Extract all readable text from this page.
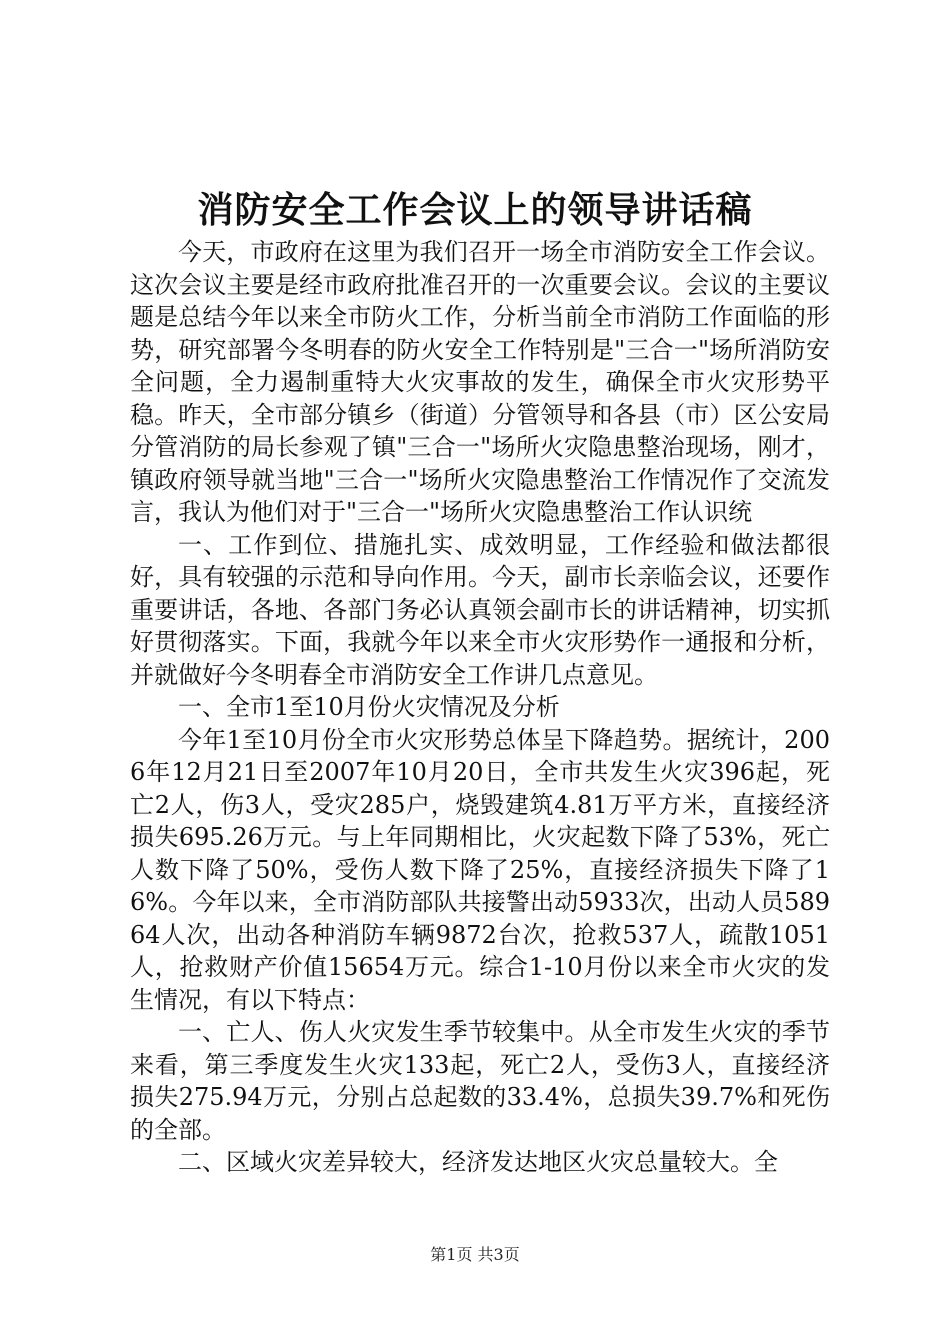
消防安全工作会议上的领导讲话稿

今天，市政府在这里为我们召开一场全市消防安全工作会议。这次会议主要是经市政府批准召开的一次重要会议。会议的主要议题是总结今年以来全市防火工作，分析当前全市消防工作面临的形势，研究部署今冬明春的防火安全工作特别是"三合一"场所消防安全问题，全力遏制重特大火灾事故的发生，确保全市火灾形势平稳。昨天，全市部分镇乡（街道）分管领导和各县（市）区公安局分管消防的局长参观了镇"三合一"场所火灾隐患整治现场，刚才，镇政府领导就当地"三合一"场所火灾隐患整治工作情况作了交流发言，我认为他们对于"三合一"场所火灾隐患整治工作认识统

一、工作到位、措施扎实、成效明显，工作经验和做法都很好，具有较强的示范和导向作用。今天，副市长亲临会议，还要作重要讲话，各地、各部门务必认真领会副市长的讲话精神，切实抓好贯彻落实。下面，我就今年以来全市火灾形势作一通报和分析，并就做好今冬明春全市消防安全工作讲几点意见。

一、全市1至10月份火灾情况及分析

今年1至10月份全市火灾形势总体呈下降趋势。据统计，2006年12月21日至2007年10月20日，全市共发生火灾396起，死亡2人，伤3人，受灾285户，烧毁建筑4.81万平方米，直接经济损失695.26万元。与上年同期相比，火灾起数下降了53%，死亡人数下降了50%，受伤人数下降了25%，直接经济损失下降了16%。今年以来，全市消防部队共接警出动5933次，出动人员58964人次，出动各种消防车辆9872台次，抢救537人，疏散1051人，抢救财产价值15654万元。综合1-10月份以来全市火灾的发生情况，有以下特点：

一、亡人、伤人火灾发生季节较集中。从全市发生火灾的季节来看，第三季度发生火灾133起，死亡2人，受伤3人，直接经济损失275.94万元，分别占总起数的33.4%，总损失39.7%和死伤的全部。

二、区域火灾差异较大，经济发达地区火灾总量较大。全

第1页 共3页
